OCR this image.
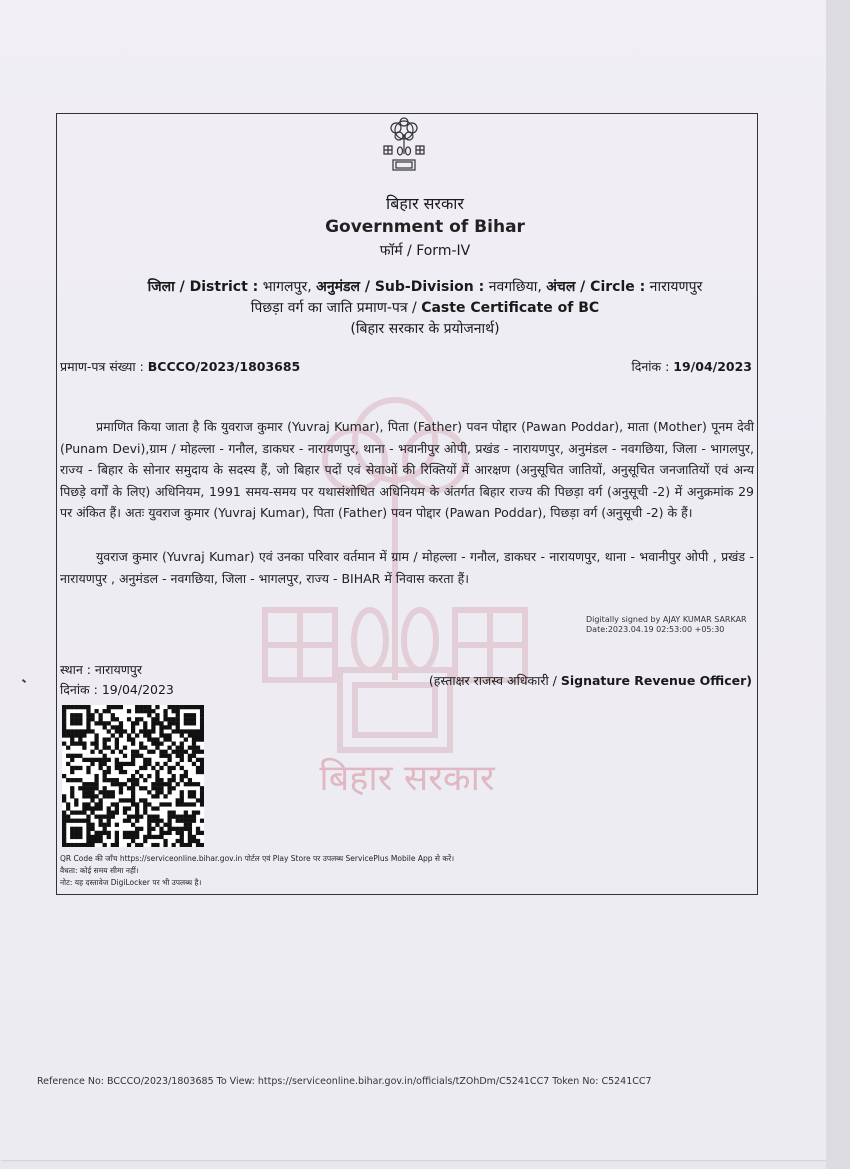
बिहार सरकार
बिहार सरकार
Government of Bihar
फॉर्म / Form-IV
जिला / District : भागलपुर, अनुमंडल / Sub-Division : नवगछिया, अंचल / Circle : नारायणपुर
पिछड़ा वर्ग का जाति प्रमाण-पत्र / Caste Certificate of BC
(बिहार सरकार के प्रयोजनार्थ)
प्रमाण-पत्र संख्या : BCCCO/2023/1803685	दिनांक : 19/04/2023
प्रमाणित किया जाता है कि युवराज कुमार (Yuvraj Kumar), पिता (Father) पवन पोद्दार (Pawan Poddar), माता (Mother) पूनम देवी (Punam Devi),ग्राम / मोहल्ला - गनौल, डाकघर - नारायणपुर, थाना - भवानीपुर ओपी, प्रखंड - नारायणपुर, अनुमंडल - नवगछिया, जिला - भागलपुर, राज्य - बिहार के सोनार समुदाय के सदस्य हैं, जो बिहार पदों एवं सेवाओं की रिक्तियों में आरक्षण (अनुसूचित जातियों, अनुसूचित जनजातियों एवं अन्य पिछड़े वर्गों के लिए) अधिनियम, 1991 समय-समय पर यथासंशोधित अधिनियम के अंतर्गत बिहार राज्य की पिछड़ा वर्ग (अनुसूची -2) में अनुक्रमांक 29 पर अंकित हैं। अतः युवराज कुमार (Yuvraj Kumar), पिता (Father) पवन पोद्दार (Pawan Poddar), पिछड़ा वर्ग (अनुसूची -2) के हैं।
युवराज कुमार (Yuvraj Kumar) एवं उनका परिवार वर्तमान में ग्राम / मोहल्ला - गनौल, डाकघर - नारायणपुर, थाना - भवानीपुर ओपी , प्रखंड - नारायणपुर , अनुमंडल - नवगछिया, जिला - भागलपुर, राज्य - BIHAR में निवास करता हैं।
Digitally signed by AJAY KUMAR SARKAR
Date:2023.04.19 02:53:00 +05:30
स्थान : नारायणपुर
दिनांक : 19/04/2023
(हस्ताक्षर राजस्व अधिकारी / Signature Revenue Officer)
QR Code की जाँच https://serviceonline.bihar.gov.in पोर्टल एवं Play Store पर उपलब्ध ServicePlus Mobile App से करें।
वैधता: कोई समय सीमा नहीं।
नोट: यह दस्तावेज DigiLocker पर भी उपलब्ध है।
Reference No: BCCCO/2023/1803685 To View: https://serviceonline.bihar.gov.in/officials/tZOhDm/C5241CC7 Token No: C5241CC7
